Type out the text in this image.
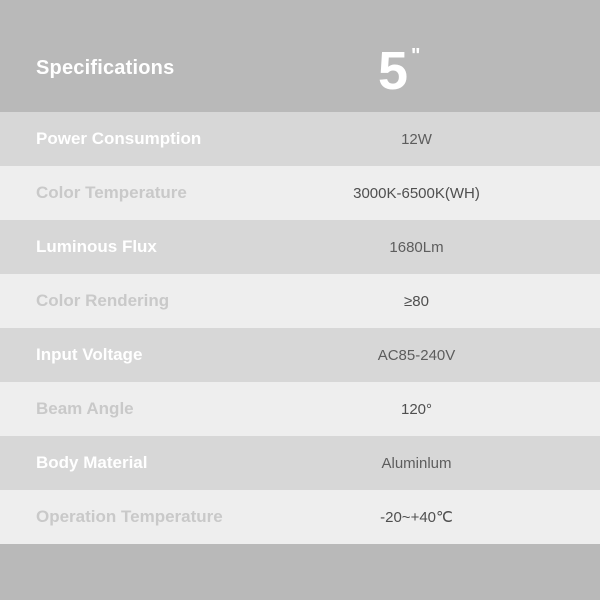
Specifications	5 "
Power Consumption	12W
Color Temperature	3000K-6500K(WH)
Luminous Flux	1680Lm
Color Rendering	≥80
Input Voltage	AC85-240V
Beam Angle	120°
Body Material	Aluminlum
Operation Temperature	-20~+40℃
